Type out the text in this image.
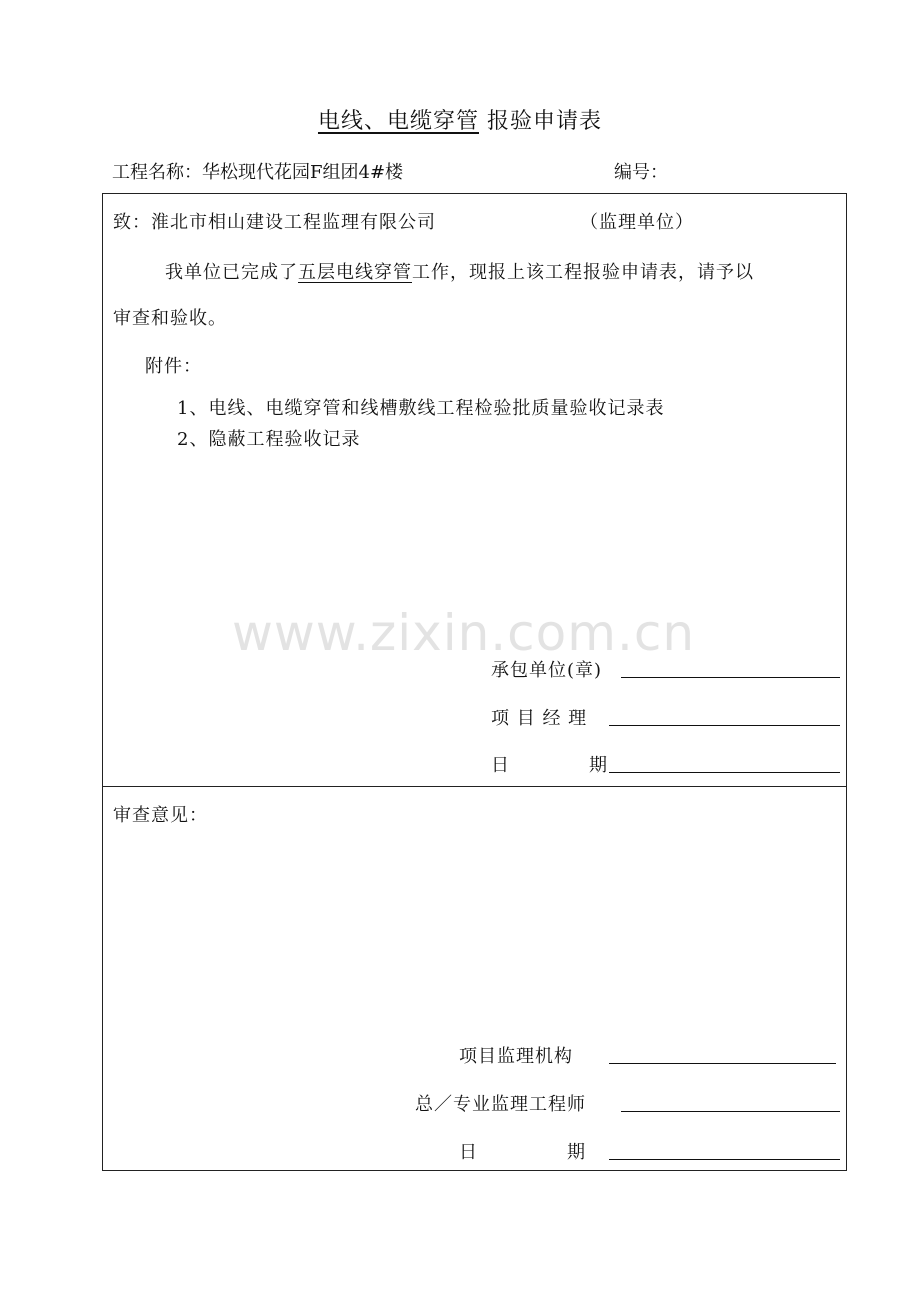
电线、电缆穿管 报验申请表
工程名称：华松现代花园F组团4#楼	编号：
致：淮北市相山建设工程监理有限公司	（监理单位）
我单位已完成了五层电线穿管工作，现报上该工程报验申请表，请予以
审查和验收。
附件：
1、电线、电缆穿管和线槽敷线工程检验批质量验收记录表
2、隐蔽工程验收记录
承包单位(章)
项 目 经 理
日	期
审查意见：
项目监理机构
总／专业监理工程师
日	期
www.zixin.com.cn
